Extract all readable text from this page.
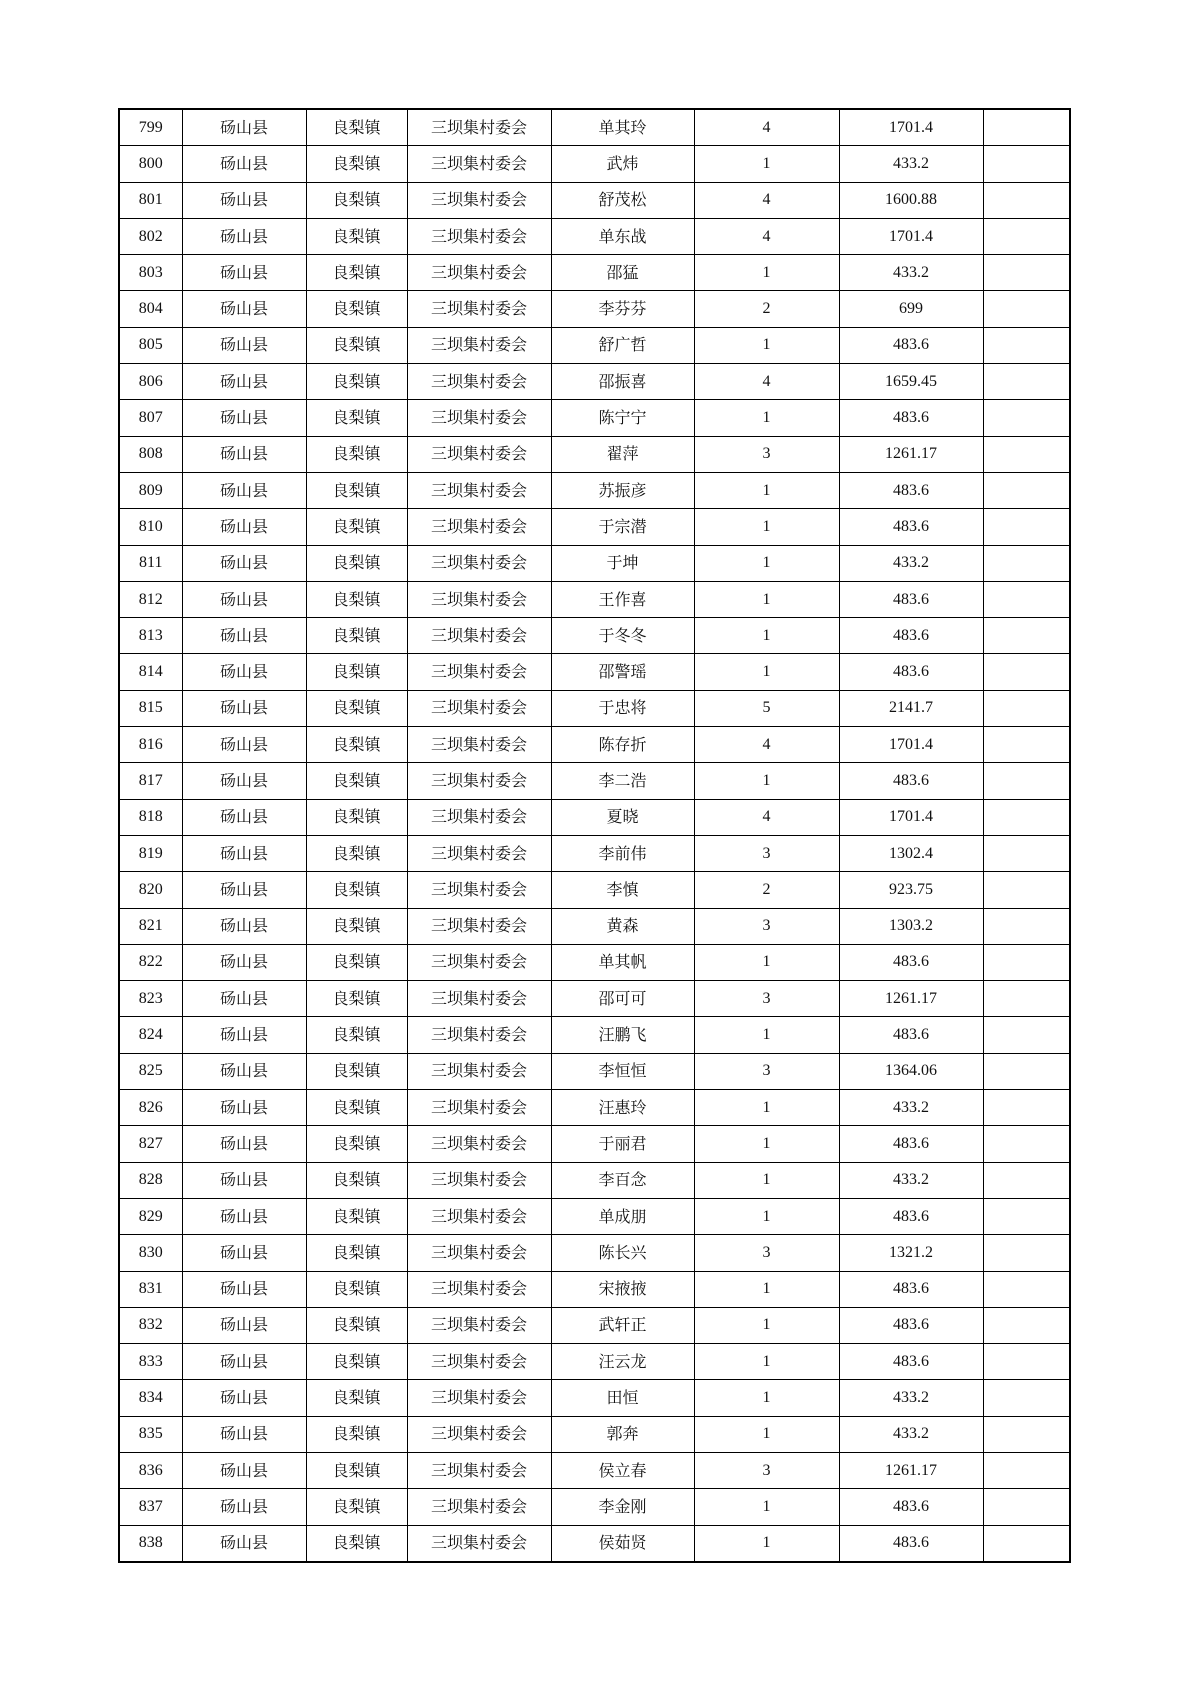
799	砀山县	良梨镇	三坝集村委会	单其玲	4	1701.4	
800	砀山县	良梨镇	三坝集村委会	武炜	1	433.2	
801	砀山县	良梨镇	三坝集村委会	舒茂松	4	1600.88	
802	砀山县	良梨镇	三坝集村委会	单东战	4	1701.4	
803	砀山县	良梨镇	三坝集村委会	邵猛	1	433.2	
804	砀山县	良梨镇	三坝集村委会	李芬芬	2	699	
805	砀山县	良梨镇	三坝集村委会	舒广哲	1	483.6	
806	砀山县	良梨镇	三坝集村委会	邵振喜	4	1659.45	
807	砀山县	良梨镇	三坝集村委会	陈宁宁	1	483.6	
808	砀山县	良梨镇	三坝集村委会	翟萍	3	1261.17	
809	砀山县	良梨镇	三坝集村委会	苏振彦	1	483.6	
810	砀山县	良梨镇	三坝集村委会	于宗潜	1	483.6	
811	砀山县	良梨镇	三坝集村委会	于坤	1	433.2	
812	砀山县	良梨镇	三坝集村委会	王作喜	1	483.6	
813	砀山县	良梨镇	三坝集村委会	于冬冬	1	483.6	
814	砀山县	良梨镇	三坝集村委会	邵警瑶	1	483.6	
815	砀山县	良梨镇	三坝集村委会	于忠将	5	2141.7	
816	砀山县	良梨镇	三坝集村委会	陈存折	4	1701.4	
817	砀山县	良梨镇	三坝集村委会	李二浩	1	483.6	
818	砀山县	良梨镇	三坝集村委会	夏晓	4	1701.4	
819	砀山县	良梨镇	三坝集村委会	李前伟	3	1302.4	
820	砀山县	良梨镇	三坝集村委会	李慎	2	923.75	
821	砀山县	良梨镇	三坝集村委会	黄森	3	1303.2	
822	砀山县	良梨镇	三坝集村委会	单其帆	1	483.6	
823	砀山县	良梨镇	三坝集村委会	邵可可	3	1261.17	
824	砀山县	良梨镇	三坝集村委会	汪鹏飞	1	483.6	
825	砀山县	良梨镇	三坝集村委会	李恒恒	3	1364.06	
826	砀山县	良梨镇	三坝集村委会	汪惠玲	1	433.2	
827	砀山县	良梨镇	三坝集村委会	于丽君	1	483.6	
828	砀山县	良梨镇	三坝集村委会	李百念	1	433.2	
829	砀山县	良梨镇	三坝集村委会	单成朋	1	483.6	
830	砀山县	良梨镇	三坝集村委会	陈长兴	3	1321.2	
831	砀山县	良梨镇	三坝集村委会	宋掖掖	1	483.6	
832	砀山县	良梨镇	三坝集村委会	武轩正	1	483.6	
833	砀山县	良梨镇	三坝集村委会	汪云龙	1	483.6	
834	砀山县	良梨镇	三坝集村委会	田恒	1	433.2	
835	砀山县	良梨镇	三坝集村委会	郭奔	1	433.2	
836	砀山县	良梨镇	三坝集村委会	侯立春	3	1261.17	
837	砀山县	良梨镇	三坝集村委会	李金刚	1	483.6	
838	砀山县	良梨镇	三坝集村委会	侯茹贤	1	483.6	
